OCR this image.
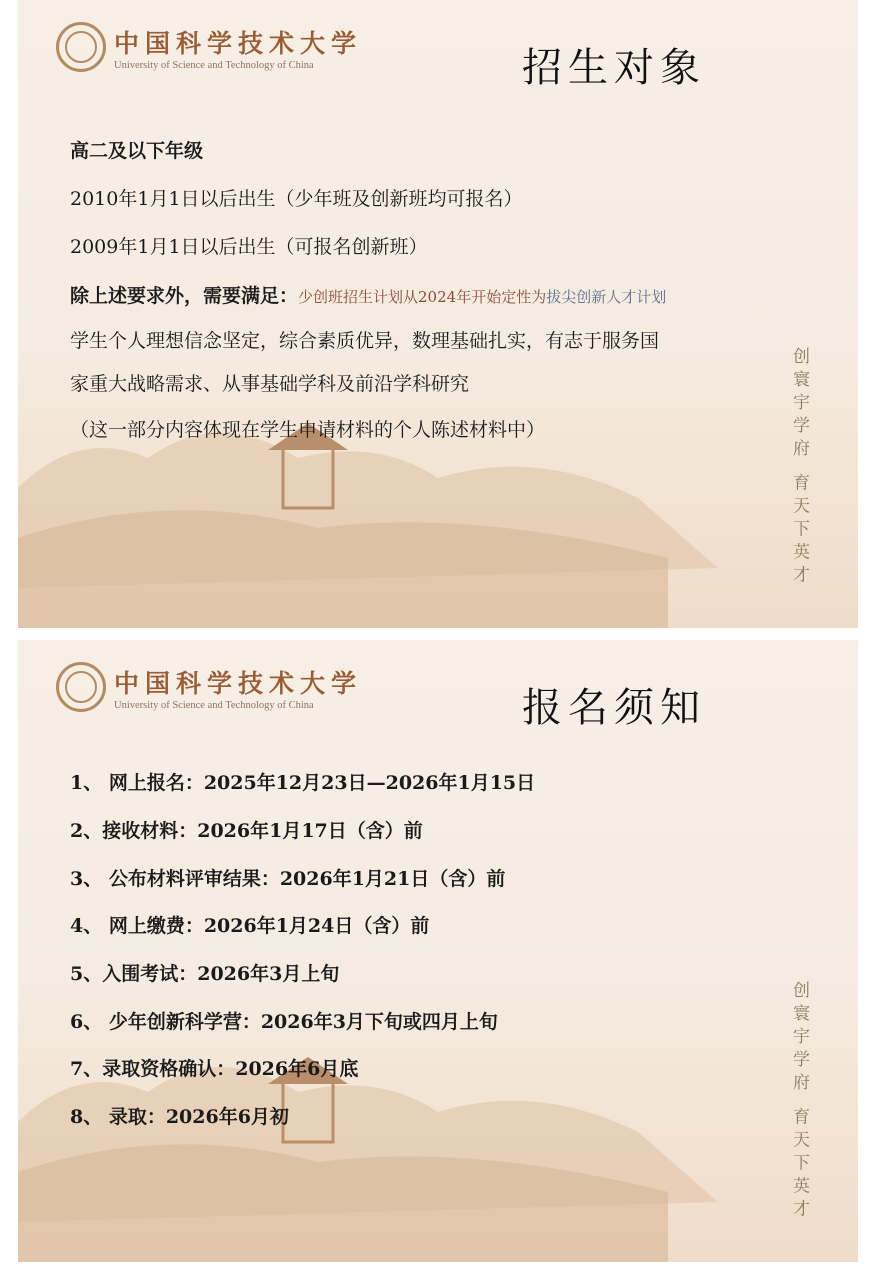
中国科学技术大学
University of Science and Technology of China	招生对象
高二及以下年级
2010年1月1日以后出生（少年班及创新班均可报名）
2009年1月1日以后出生（可报名创新班）
除上述要求外，需要满足：少创班招生计划从2024年开始定性为拔尖创新人才计划
学生个人理想信念坚定，综合素质优异，数理基础扎实，有志于服务国
家重大战略需求、从事基础学科及前沿学科研究
（这一部分内容体现在学生申请材料的个人陈述材料中）	创寰宇学府 育天下英才
中国科学技术大学
University of Science and Technology of China	报名须知
1、 网上报名：2025年12月23日—2026年1月15日
2、接收材料：2026年1月17日（含）前
3、 公布材料评审结果：2026年1月21日（含）前
4、 网上缴费：2026年1月24日（含）前
5、入围考试：2026年3月上旬
6、 少年创新科学营：2026年3月下旬或四月上旬
7、录取资格确认：2026年6月底
8、 录取：2026年6月初
创寰宇学府 育天下英才
